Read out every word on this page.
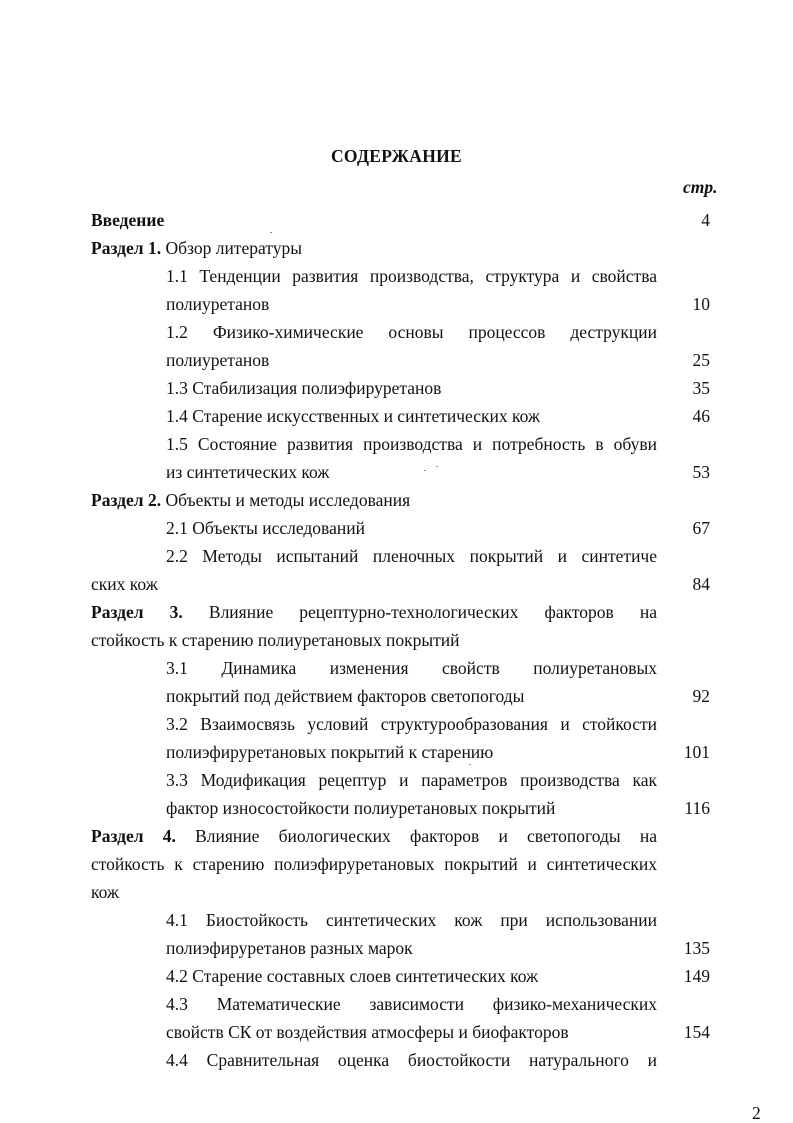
СОДЕРЖАНИЕ
стр.
Введение	4
Раздел 1. Обзор литературы
1.1 Тенденции развития производства, структура и свойства
полиуретанов	10
1.2 Физико-химические основы процессов деструкции
полиуретанов	25
1.3 Стабилизация полиэфируретанов	35
1.4 Старение искусственных и синтетических кож	46
1.5 Состояние развития производства и потребность в обуви
из синтетических кож	53
Раздел 2. Объекты и методы исследования
2.1 Объекты исследований	67
2.2 Методы испытаний пленочных покрытий и синтетиче
ских кож	84
Раздел 3. Влияние рецептурно-технологических факторов на
стойкость к старению полиуретановых покрытий
3.1 Динамика изменения свойств полиуретановых
покрытий под действием факторов светопогоды	92
3.2 Взаимосвязь условий структурообразования и стойкости
полиэфируретановых покрытий к старению	101
3.3 Модификация рецептур и параметров производства как
фактор износостойкости полиуретановых покрытий	116
Раздел 4. Влияние биологических факторов и светопогоды на
стойкость к старению полиэфируретановых покрытий и синтетических
кож
4.1 Биостойкость синтетических кож при использовании
полиэфируретанов разных марок	135
4.2 Старение составных слоев синтетических кож	149
4.3 Математические зависимости физико-механических
свойств СК от воздействия атмосферы и биофакторов	154
4.4 Сравнительная оценка биостойкости натурального и
2
